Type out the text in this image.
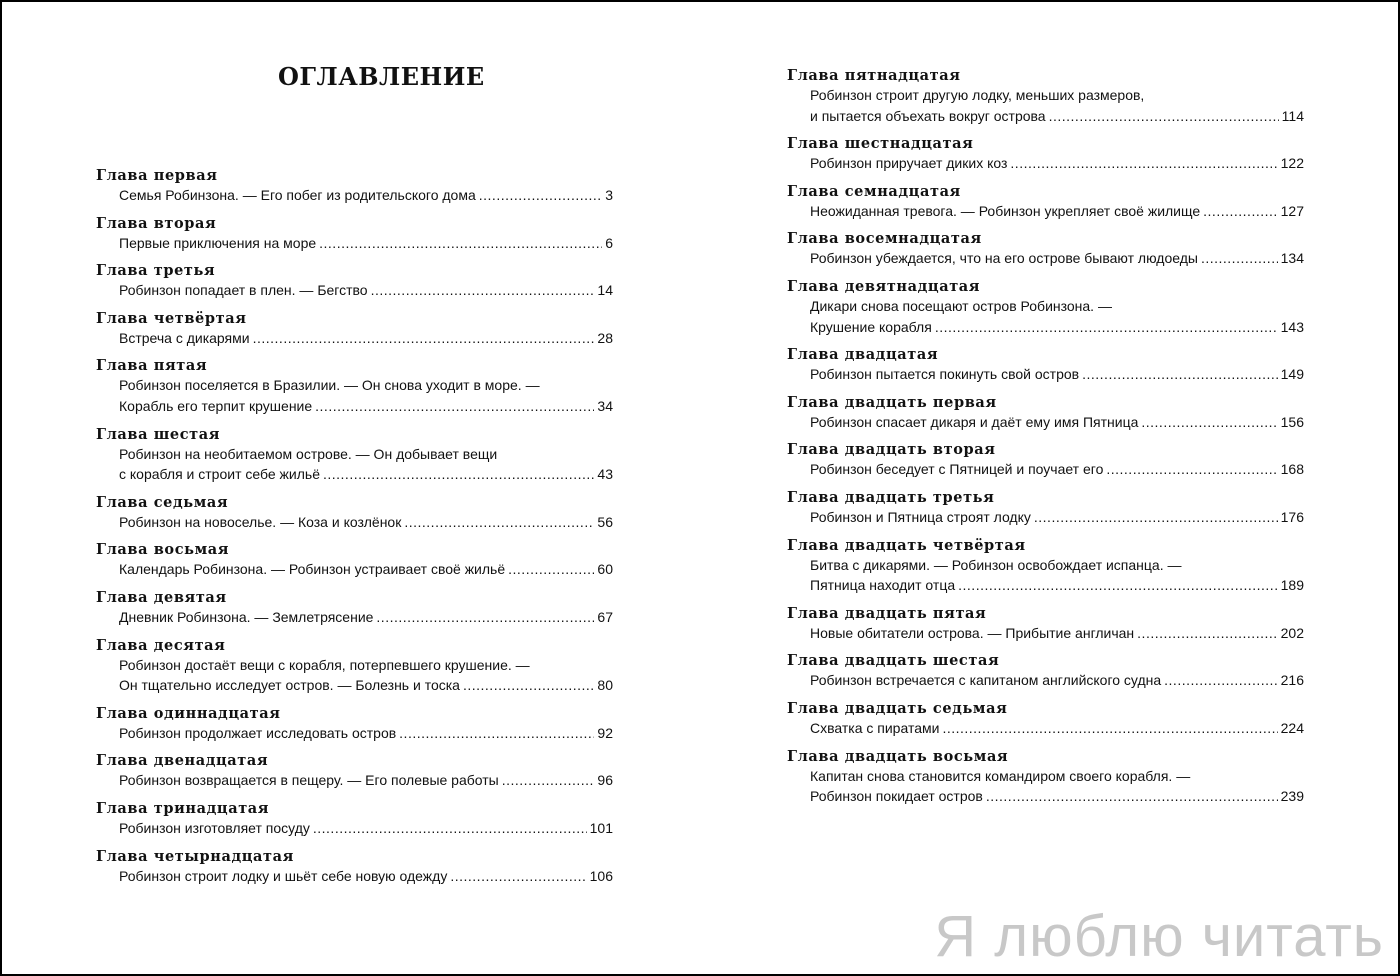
ОГЛАВЛЕНИЕ
Глава первая
Семья Робинзона. — Его побег из родительского дома .....	3
Глава вторая
Первые приключения на море .....	6
Глава третья
Робинзон попадает в плен. — Бегство .....	14
Глава четвёртая
Встреча с дикарями .....	28
Глава пятая
Робинзон поселяется в Бразилии. — Он снова уходит в море. —
Корабль его терпит крушение .....	34
Глава шестая
Робинзон на необитаемом острове. — Он добывает вещи
с корабля и строит себе жильё .....	43
Глава седьмая
Робинзон на новоселье. — Коза и козлёнок .....	56
Глава восьмая
Календарь Робинзона. — Робинзон устраивает своё жильё .....	60
Глава девятая
Дневник Робинзона. — Землетрясение .....	67
Глава десятая
Робинзон достаёт вещи с корабля, потерпевшего крушение. —
Он тщательно исследует остров. — Болезнь и тоска .....	80
Глава одиннадцатая
Робинзон продолжает исследовать остров .....	92
Глава двенадцатая
Робинзон возвращается в пещеру. — Его полевые работы .....	96
Глава тринадцатая
Робинзон изготовляет посуду .....	101
Глава четырнадцатая
Робинзон строит лодку и шьёт себе новую одежду .....	106
Глава пятнадцатая
Робинзон строит другую лодку, меньших размеров,
и пытается объехать вокруг острова .....	114
Глава шестнадцатая
Робинзон приручает диких коз .....	122
Глава семнадцатая
Неожиданная тревога. — Робинзон укрепляет своё жилище .....	127
Глава восемнадцатая
Робинзон убеждается, что на его острове бывают людоеды .....	134
Глава девятнадцатая
Дикари снова посещают остров Робинзона. —
Крушение корабля .....	143
Глава двадцатая
Робинзон пытается покинуть свой остров .....	149
Глава двадцать первая
Робинзон спасает дикаря и даёт ему имя Пятница .....	156
Глава двадцать вторая
Робинзон беседует с Пятницей и поучает его .....	168
Глава двадцать третья
Робинзон и Пятница строят лодку .....	176
Глава двадцать четвёртая
Битва с дикарями. — Робинзон освобождает испанца. —
Пятница находит отца .....	189
Глава двадцать пятая
Новые обитатели острова. — Прибытие англичан .....	202
Глава двадцать шестая
Робинзон встречается с капитаном английского судна .....	216
Глава двадцать седьмая
Схватка с пиратами .....	224
Глава двадцать восьмая
Капитан снова становится командиром своего корабля. —
Робинзон покидает остров .....	239
Я люблю читать
